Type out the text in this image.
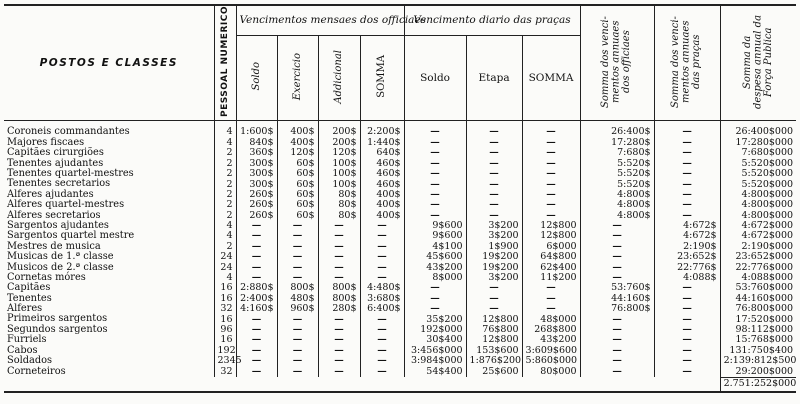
POSTOS E CLASSES	PESSOAL NUMERICO	Vencimentos mensaes dos officiaes				Vencimento diario das praças			Somma dos venci-mentos annuaes dos officiaes	Somma dos venci-mentos annuaes das praças	Somma da despesa annual da Força Publica
		Soldo	Exercicio	Addicional	SOMMA	Soldo	Etapa	SOMMA			
Coroneis commandantes	4	1:600$	400$	200$	2:200$	—	—	—	26:400$	—	26:400$000
Majores fiscaes	4	840$	400$	200$	1:440$	—	—	—	17:280$	—	17:280$000
Capitães cirurgiões	2	360$	120$	120$	640$	—	—	—	7:680$	—	7:680$000
Tenentes ajudantes	2	300$	60$	100$	460$	—	—	—	5:520$	—	5:520$000
Tenentes quartel-mestres	2	300$	60$	100$	460$	—	—	—	5:520$	—	5:520$000
Tenentes secretarios	2	300$	60$	100$	460$	—	—	—	5:520$	—	5:520$000
Alferes ajudantes	2	260$	60$	80$	400$	—	—	—	4:800$	—	4:800$000
Alferes quartel-mestres	2	260$	60$	80$	400$	—	—	—	4:800$	—	4:800$000
Alferes secretarios	2	260$	60$	80$	400$	—	—	—	4:800$	—	4:800$000
Sargentos ajudantes	4	—	—	—	—	9$600	3$200	12$800	—	4:672$	4:672$000
Sargentos quartel mestre	4	—	—	—	—	9$600	3$200	12$800	—	4:672$	4:672$000
Mestres de musica	2	—	—	—	—	4$100	1$900	6$000	—	2:190$	2:190$000
Musicas de 1.ª classe	24	—	—	—	—	45$600	19$200	64$800	—	23:652$	23:652$000
Musicos de 2.ª classe	24	—	—	—	—	43$200	19$200	62$400	—	22:776$	22:776$000
Cornetas móres	4	—	—	—	—	8$000	3$200	11$200	—	4:088$	4:088$000
Capitães	16	2:880$	800$	800$	4:480$	—	—	—	53:760$	—	53:760$000
Tenentes	16	2:400$	480$	800$	3:680$	—	—	—	44:160$	—	44:160$000
Alferes	32	4:160$	960$	280$	6:400$	—	—	—	76:800$	—	76:800$000
Primeiros sargentos	16	—	—	—	—	35$200	12$800	48$000	—	—	17:520$000
Segundos sargentos	96	—	—	—	—	192$000	76$800	268$800	—	—	98:112$000
Furriels	16	—	—	—	—	30$400	12$800	43$200	—	—	15:768$000
Cabos	192	—	—	—	—	3:456$000	153$600	3:609$600	—	—	131:750$400
Soldados	2345	—	—	—	—	3:984$000	1:876$200	5:860$000	—	—	2:139:812$500
Corneteiros	32	—	—	—	—	54$400	25$600	80$000	—	—	29:200$000
											2.751:252$000
